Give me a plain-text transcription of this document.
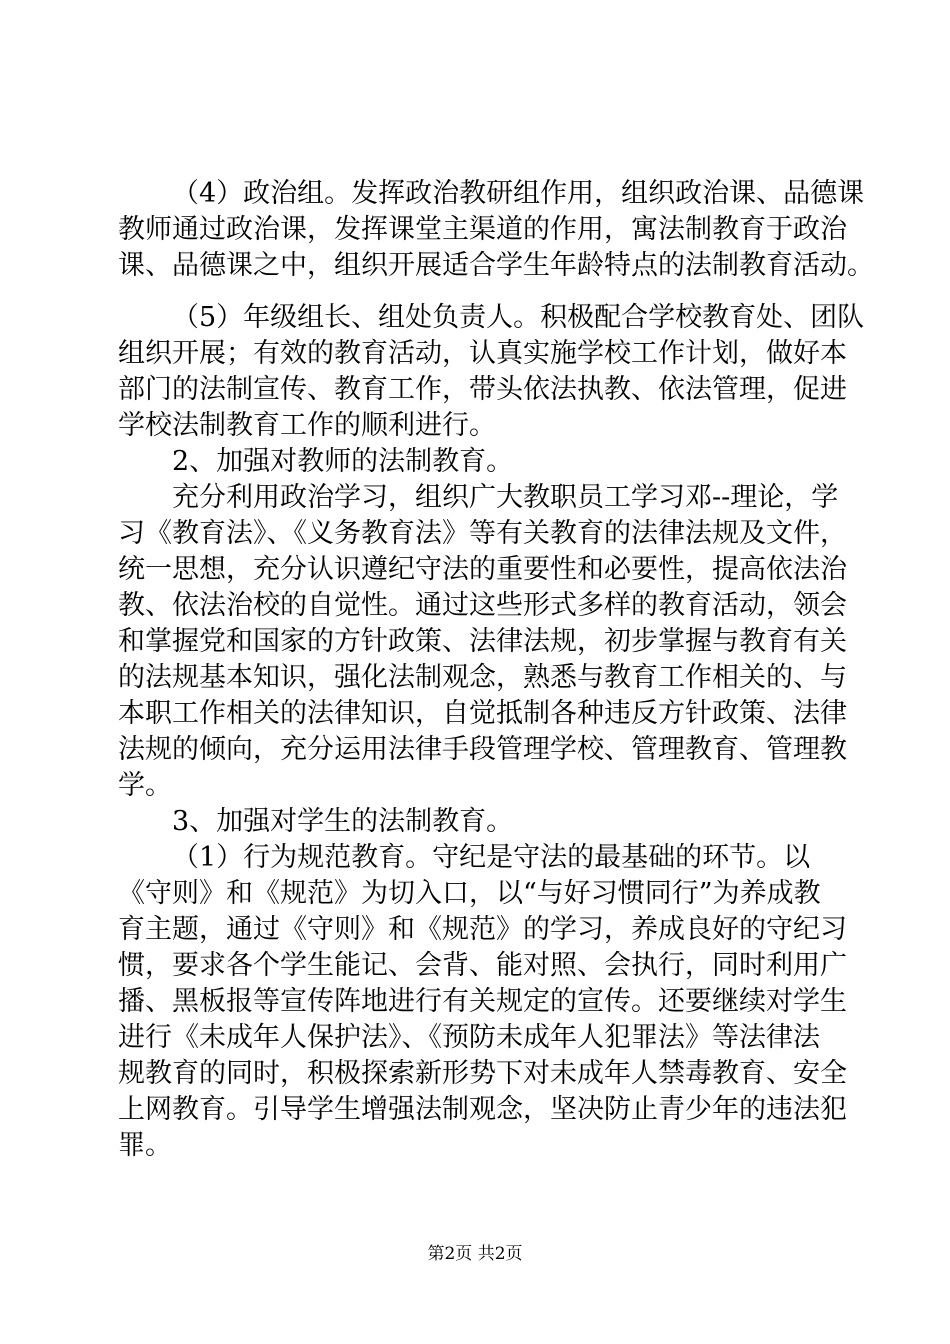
（4）政治组。发挥政治教研组作用，组织政治课、品德课
教师通过政治课，发挥课堂主渠道的作用，寓法制教育于政治
课、品德课之中，组织开展适合学生年龄特点的法制教育活动。
（5）年级组长、组处负责人。积极配合学校教育处、团队
组织开展；有效的教育活动，认真实施学校工作计划，做好本
部门的法制宣传、教育工作，带头依法执教、依法管理，促进
学校法制教育工作的顺利进行。
2、加强对教师的法制教育。
充分利用政治学习，组织广大教职员工学习邓--理论，学
习《教育法》、《义务教育法》等有关教育的法律法规及文件，
统一思想，充分认识遵纪守法的重要性和必要性，提高依法治
教、依法治校的自觉性。通过这些形式多样的教育活动，领会
和掌握党和国家的方针政策、法律法规，初步掌握与教育有关
的法规基本知识，强化法制观念，熟悉与教育工作相关的、与
本职工作相关的法律知识，自觉抵制各种违反方针政策、法律
法规的倾向，充分运用法律手段管理学校、管理教育、管理教
学。
3、加强对学生的法制教育。
（1）行为规范教育。守纪是守法的最基础的环节。以
《守则》和《规范》为切入口，以“与好习惯同行”为养成教
育主题，通过《守则》和《规范》的学习，养成良好的守纪习
惯，要求各个学生能记、会背、能对照、会执行，同时利用广
播、黑板报等宣传阵地进行有关规定的宣传。还要继续对学生
进行《未成年人保护法》、《预防未成年人犯罪法》等法律法
规教育的同时，积极探索新形势下对未成年人禁毒教育、安全
上网教育。引导学生增强法制观念，坚决防止青少年的违法犯
罪。
第2页 共2页
